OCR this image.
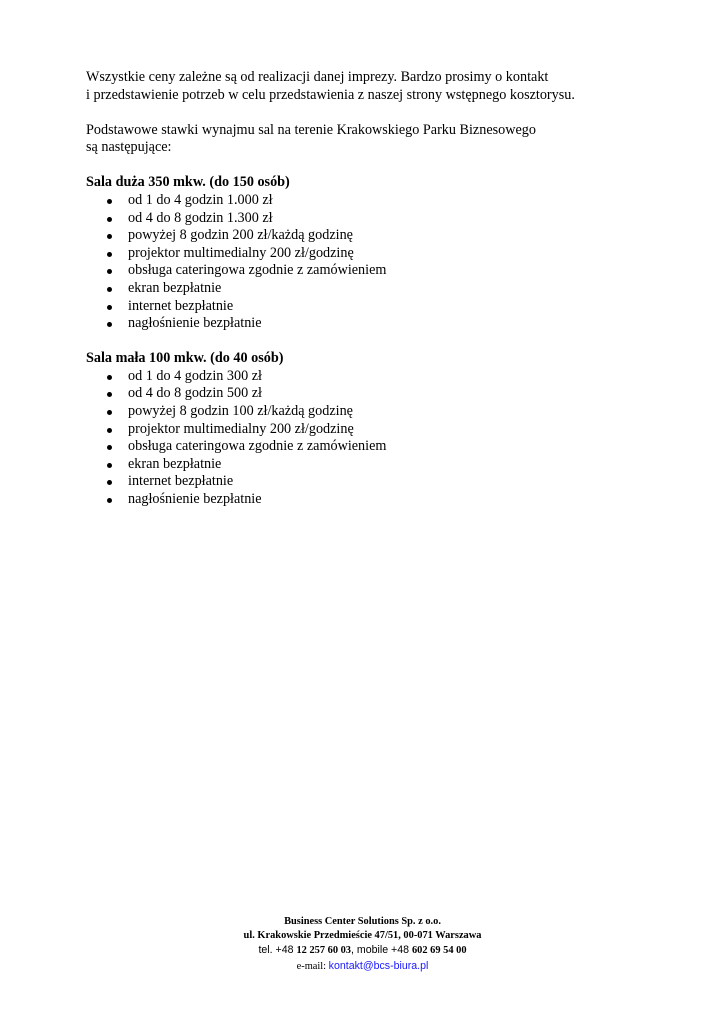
Wszystkie ceny zależne są od realizacji danej imprezy. Bardzo prosimy o kontakt
i przedstawienie potrzeb w celu przedstawienia z naszej strony wstępnego kosztorysu.

Podstawowe stawki wynajmu sal na terenie Krakowskiego Parku Biznesowego
są następujące:

Sala duża 350 mkw. (do 150 osób)

od 1 do 4 godzin 1.000 zł
od 4 do 8 godzin 1.300 zł
powyżej 8 godzin 200 zł/każdą godzinę
projektor multimedialny 200 zł/godzinę
obsługa cateringowa zgodnie z zamówieniem
ekran bezpłatnie
internet bezpłatnie
nagłośnienie bezpłatnie

Sala mała 100 mkw. (do 40 osób)

od 1 do 4 godzin 300 zł
od 4 do 8 godzin 500 zł
powyżej 8 godzin 100 zł/każdą godzinę
projektor multimedialny 200 zł/godzinę
obsługa cateringowa zgodnie z zamówieniem
ekran bezpłatnie
internet bezpłatnie
nagłośnienie bezpłatnie
Business Center Solutions Sp. z o.o.
ul. Krakowskie Przedmieście 47/51, 00-071 Warszawa
tel. +48 12 257 60 03, mobile +48 602 69 54 00
e-mail: kontakt@bcs-biura.pl
